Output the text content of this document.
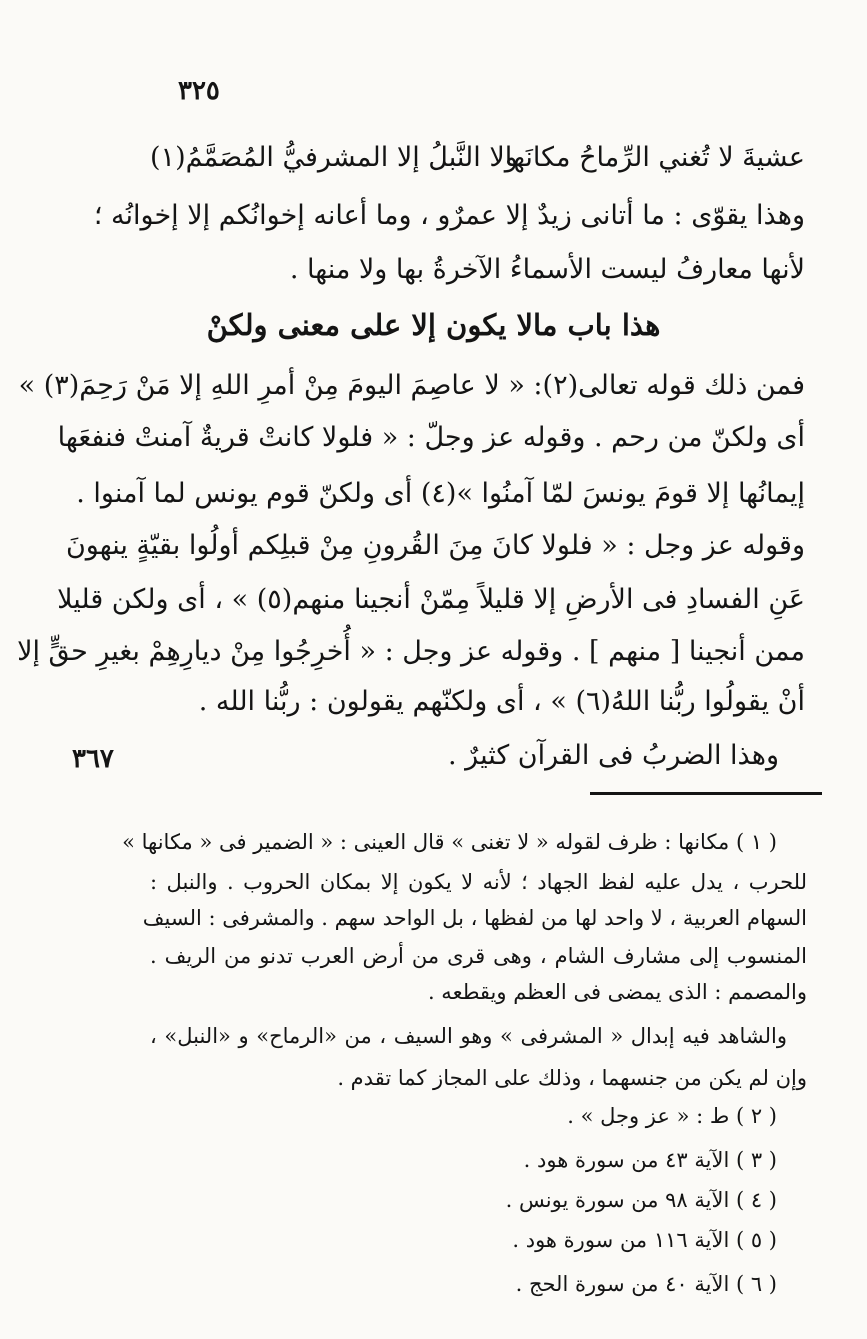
٣٢٥
عشيةَ لا تُغني الرِّماحُ مكانَها
ولا النَّبلُ إلا المشرفيُّ المُصَمَّمُ(١)

وهذا يقوّى : ما أتانى زيدٌ إلا عمرٌو ، وما أعانه إخوانُكم إلا إخوانُه ؛

لأنها معارفُ ليست الأسماءُ الآخرةُ بها ولا منها .

هذا باب مالا يكون إلا على معنى ولكنْ

فمن ذلك قوله تعالى(٢): « لا عاصِمَ اليومَ مِنْ أمرِ اللهِ إلا مَنْ رَحِمَ(٣) »

أى ولكنّ من رحم . وقوله عز وجلّ : « فلولا كانتْ قريةٌ آمنتْ فنفعَها

إيمانُها إلا قومَ يونسَ لمّا آمنُوا »(٤) أى ولكنّ قوم يونس لما آمنوا .

وقوله عز وجل : « فلولا كانَ مِنَ القُرونِ مِنْ قبلِكم أولُوا بقيّةٍ ينهونَ

عَنِ الفسادِ فى الأرضِ إلا قليلاً مِمّنْ أنجينا منهم(٥) » ، أى ولكن قليلا

ممن أنجينا [ منهم ] . وقوله عز وجل : « أُخرِجُوا مِنْ ديارِهِمْ بغيرِ حقٍّ إلا

أنْ يقولُوا ربُّنا اللهُ(٦) » ، أى ولكنّهم يقولون : ربُّنا الله .

وهذا الضربُ فى القرآن كثيرٌ .

٣٦٧

( ١ ) مكانها : ظرف لقوله « لا تغنى » قال العينى : « الضمير فى « مكانها »

للحرب ، يدل عليه لفظ الجهاد ؛ لأنه لا يكون إلا بمكان الحروب . والنبل :

السهام العربية ، لا واحد لها من لفظها ، بل الواحد سهم . والمشرفى : السيف

المنسوب إلى مشارف الشام ، وهى قرى من أرض العرب تدنو من الريف .

والمصمم : الذى يمضى فى العظم ويقطعه .

والشاهد فيه إبدال « المشرفى » وهو السيف ، من «الرماح» و «النبل» ،

وإن لم يكن من جنسهما ، وذلك على المجاز كما تقدم .

( ٢ ) ط : « عز وجل » .

( ٣ ) الآية ٤٣ من سورة هود .

( ٤ ) الآية ٩٨ من سورة يونس .

( ٥ ) الآية ١١٦ من سورة هود .

( ٦ ) الآية ٤٠ من سورة الحج .
